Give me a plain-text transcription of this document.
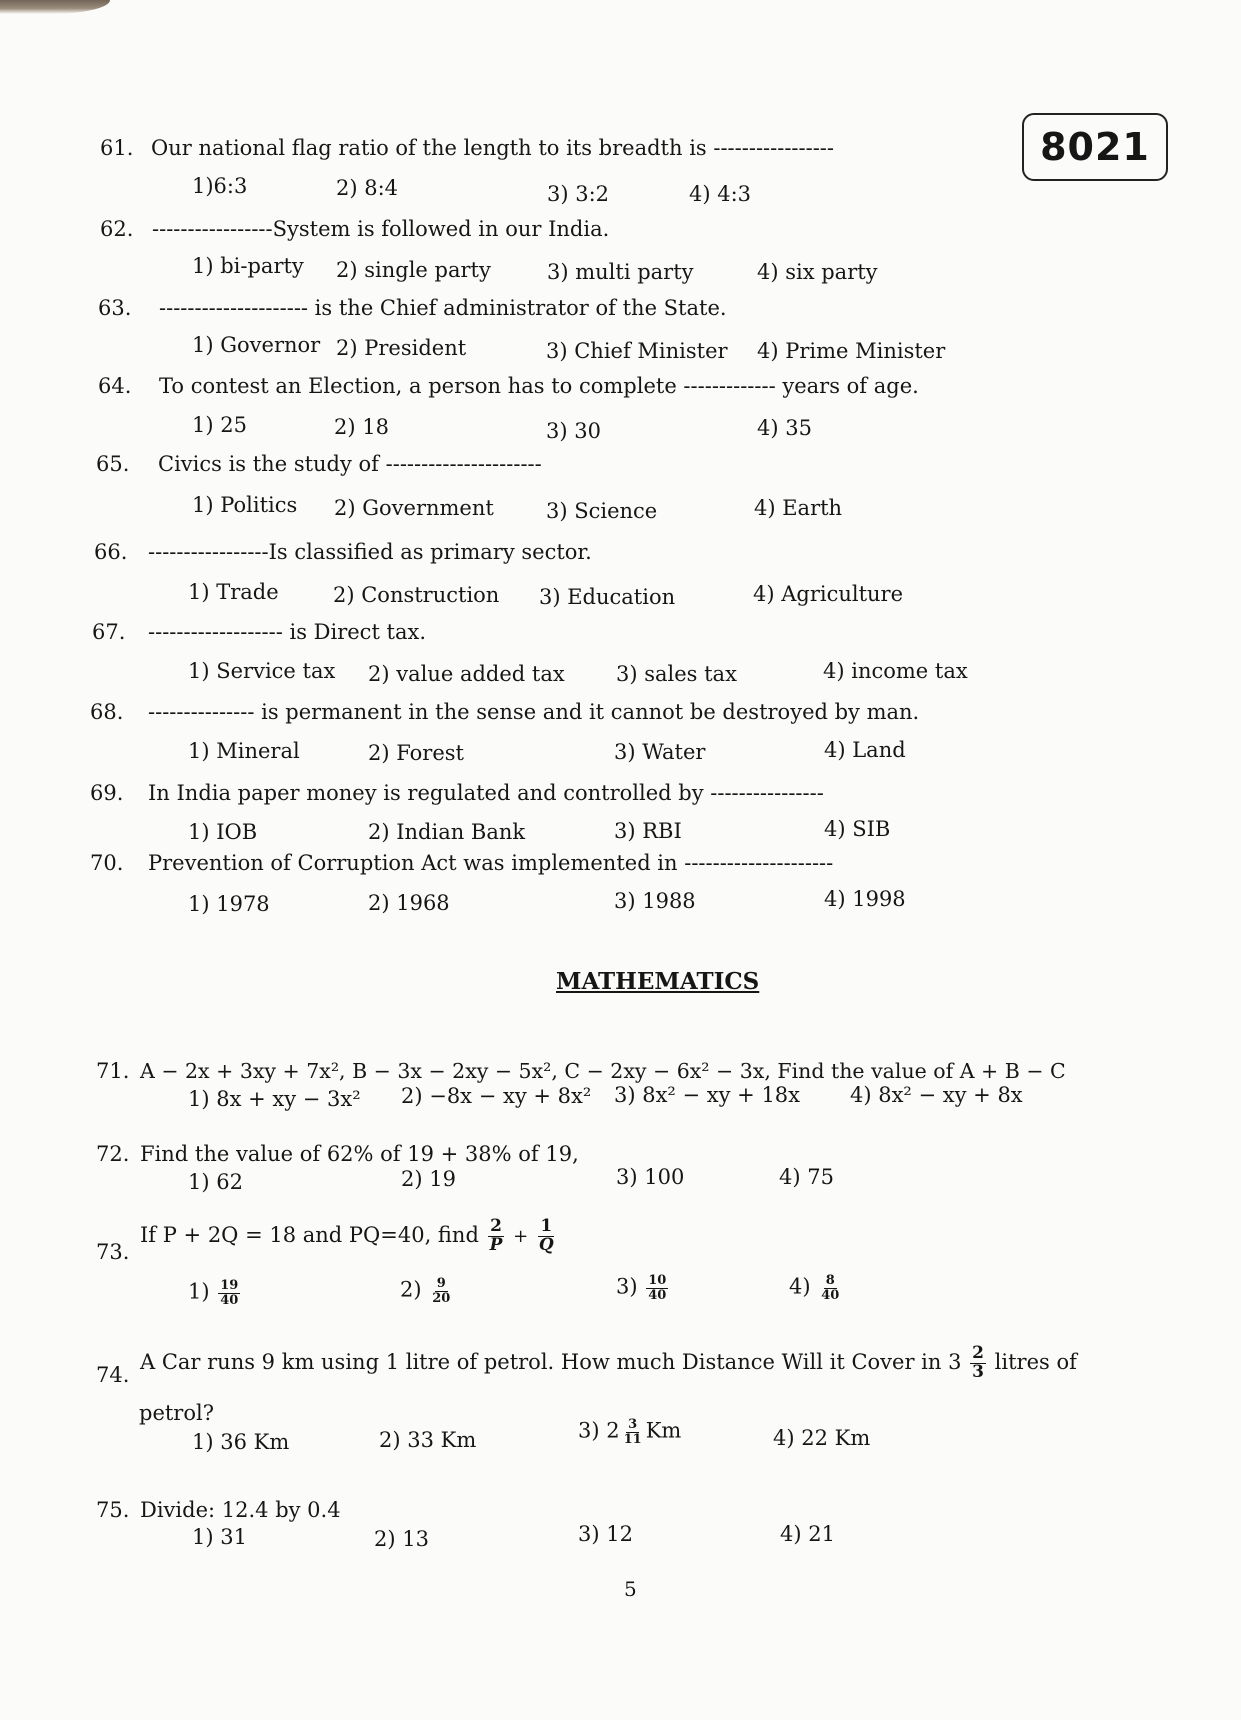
8021
61. Our national flag ratio of the length to its breadth is -----------------
1)6:3	2) 8:4	3) 3:2	4) 4:3
62. -----------------System is followed in our India.
1) bi-party 2) single party	3) multi party	4) six party
63. --------------------- is the Chief administrator of the State.
1) Governor 2) President	3) Chief Minister 4) Prime Minister
64. To contest an Election, a person has to complete ------------- years of age.
1) 25	2) 18	3) 30	4) 35
65. Civics is the study of ----------------------
1) Politics 2) Government 3) Science	4) Earth
66. -----------------Is classified as primary sector.
1) Trade	2) Construction 3) Education	4) Agriculture
67. ------------------- is Direct tax.
1) Service tax 2) value added tax 3) sales tax	4) income tax
68. --------------- is permanent in the sense and it cannot be destroyed by man.
1) Mineral	2) Forest	3) Water	4) Land
69. In India paper money is regulated and controlled by ----------------
1) IOB	2) Indian Bank	3) RBI	4) SIB
70. Prevention of Corruption Act was implemented in ---------------------
1) 1978	2) 1968	3) 1988	4) 1998
MATHEMATICS
71. A − 2x + 3xy + 7x², B − 3x − 2xy − 5x², C − 2xy − 6x² − 3x, Find the value of A + B − C
1) 8x + xy − 3x² 2) −8x − xy + 8x² 3) 8x² − xy + 18x 4) 8x² − xy + 8x
72. Find the value of 62% of 19 + 38% of 19,
1) 62	2) 19	3) 100	4) 75
73.
If P + 2Q = 18 and PQ=40, find $\frac{2}{P} + \frac{1}{Q}$
$1) \frac{19}{40}$	$2) \frac{9}{20}$	$3) \frac{10}{40}$	$4) \frac{8}{40}$
74.
A Car runs 9 km using 1 litre of petrol. How much Distance Will it Cover in $3 \frac{2}{3}$ litres of
petrol?
1) 36 Km	2) 33 Km	3) $2 \frac{3}{11}$ Km	4) 22 Km
75. Divide: 12.4 by 0.4
1) 31	2) 13	3) 12	4) 21
5
